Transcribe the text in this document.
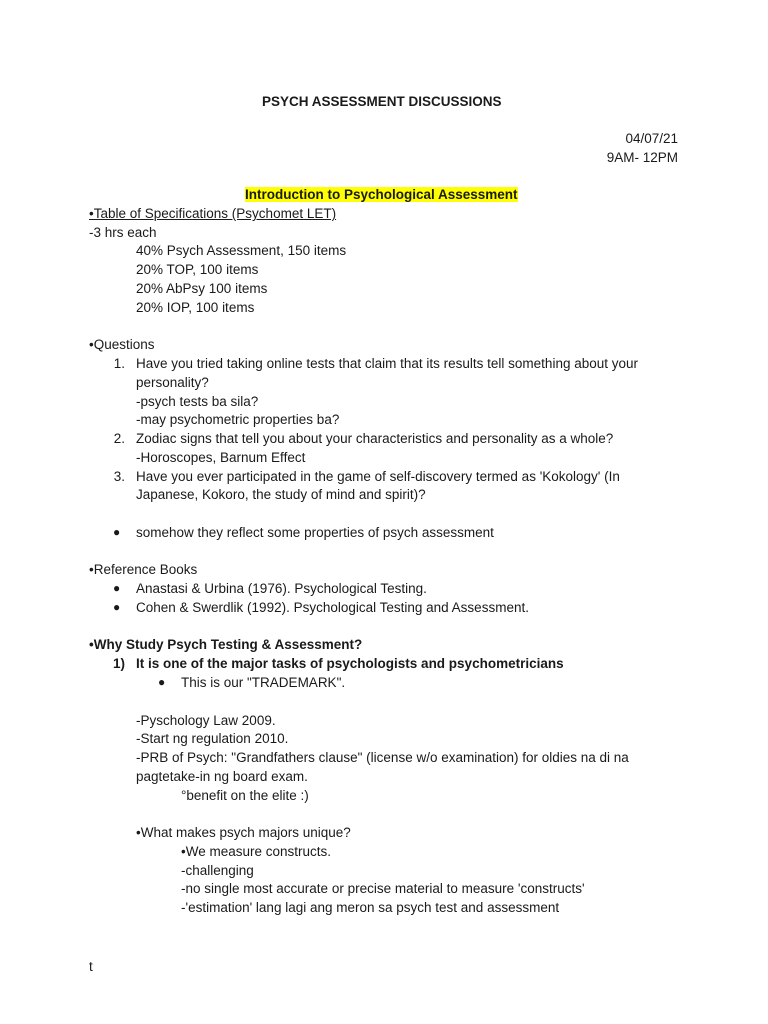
PSYCH ASSESSMENT DISCUSSIONS
04/07/21
9AM- 12PM
Introduction to Psychological Assessment
•Table of Specifications (Psychomet LET)
-3 hrs each
40% Psych Assessment, 150 items
20% TOP, 100 items
20% AbPsy 100 items
20% IOP, 100 items
•Questions
1. Have you tried taking online tests that claim that its results tell something about your
personality?
-psych tests ba sila?
-may psychometric properties ba?
2. Zodiac signs that tell you about your characteristics and personality as a whole?
-Horoscopes, Barnum Effect
3. Have you ever participated in the game of self-discovery termed as 'Kokology' (In
Japanese, Kokoro, the study of mind and spirit)?
● somehow they reflect some properties of psych assessment
•Reference Books
● Anastasi & Urbina (1976). Psychological Testing.
● Cohen & Swerdlik (1992). Psychological Testing and Assessment.
•Why Study Psych Testing & Assessment?
1) It is one of the major tasks of psychologists and psychometricians
● This is our "TRADEMARK".
-Pyschology Law 2009.
-Start ng regulation 2010.
-PRB of Psych: "Grandfathers clause" (license w/o examination) for oldies na di na
pagtetake-in ng board exam.
°benefit on the elite :)
•What makes psych majors unique?
•We measure constructs.
-challenging
-no single most accurate or precise material to measure 'constructs'
-'estimation' lang lagi ang meron sa psych test and assessment
t
